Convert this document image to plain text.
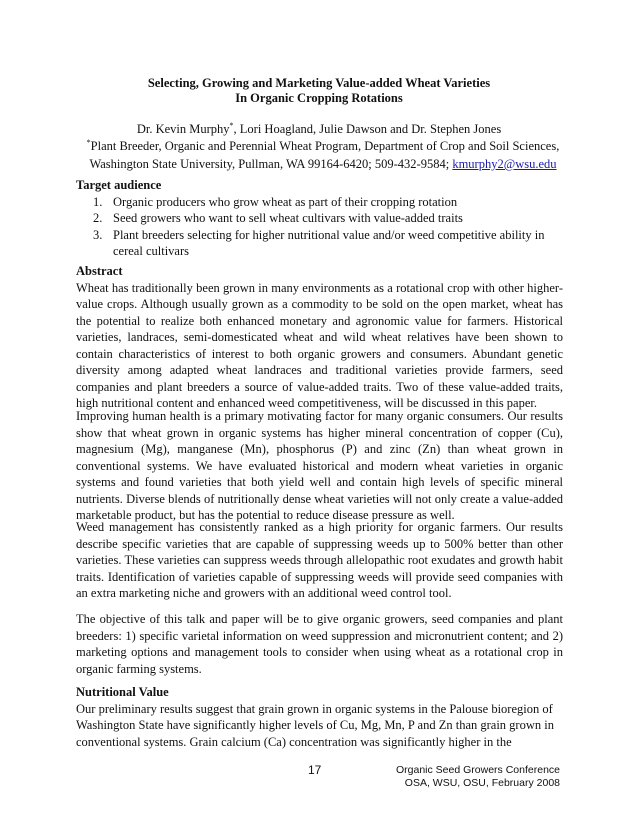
Selecting, Growing and Marketing Value-added Wheat Varieties
In Organic Cropping Rotations
Dr. Kevin Murphy*, Lori Hoagland, Julie Dawson and Dr. Stephen Jones
*Plant Breeder, Organic and Perennial Wheat Program, Department of Crop and Soil Sciences,
Washington State University, Pullman, WA 99164-6420; 509-432-9584; kmurphy2@wsu.edu
Target audience
1. Organic producers who grow wheat as part of their cropping rotation
2. Seed growers who want to sell wheat cultivars with value-added traits
3. Plant breeders selecting for higher nutritional value and/or weed competitive ability in cereal cultivars
Abstract

Wheat has traditionally been grown in many environments as a rotational crop with other higher-value crops. Although usually grown as a commodity to be sold on the open market, wheat has the potential to realize both enhanced monetary and agronomic value for farmers. Historical varieties, landraces, semi-domesticated wheat and wild wheat relatives have been shown to contain characteristics of interest to both organic growers and consumers. Abundant genetic diversity among adapted wheat landraces and traditional varieties provide farmers, seed companies and plant breeders a source of value-added traits. Two of these value-added traits, high nutritional content and enhanced weed competitiveness, will be discussed in this paper.

Improving human health is a primary motivating factor for many organic consumers. Our results show that wheat grown in organic systems has higher mineral concentration of copper (Cu), magnesium (Mg), manganese (Mn), phosphorus (P) and zinc (Zn) than wheat grown in conventional systems. We have evaluated historical and modern wheat varieties in organic systems and found varieties that both yield well and contain high levels of specific mineral nutrients. Diverse blends of nutritionally dense wheat varieties will not only create a value-added marketable product, but has the potential to reduce disease pressure as well.

Weed management has consistently ranked as a high priority for organic farmers. Our results describe specific varieties that are capable of suppressing weeds up to 500% better than other varieties. These varieties can suppress weeds through allelopathic root exudates and growth habit traits. Identification of varieties capable of suppressing weeds will provide seed companies with an extra marketing niche and growers with an additional weed control tool.

The objective of this talk and paper will be to give organic growers, seed companies and plant breeders: 1) specific varietal information on weed suppression and micronutrient content; and 2) marketing options and management tools to consider when using wheat as a rotational crop in organic farming systems.

Nutritional Value
Our preliminary results suggest that grain grown in organic systems in the Palouse bioregion of
Washington State have significantly higher levels of Cu, Mg, Mn, P and Zn than grain grown in
conventional systems. Grain calcium (Ca) concentration was significantly higher in the
17	Organic Seed Growers Conference
OSA, WSU, OSU, February 2008
